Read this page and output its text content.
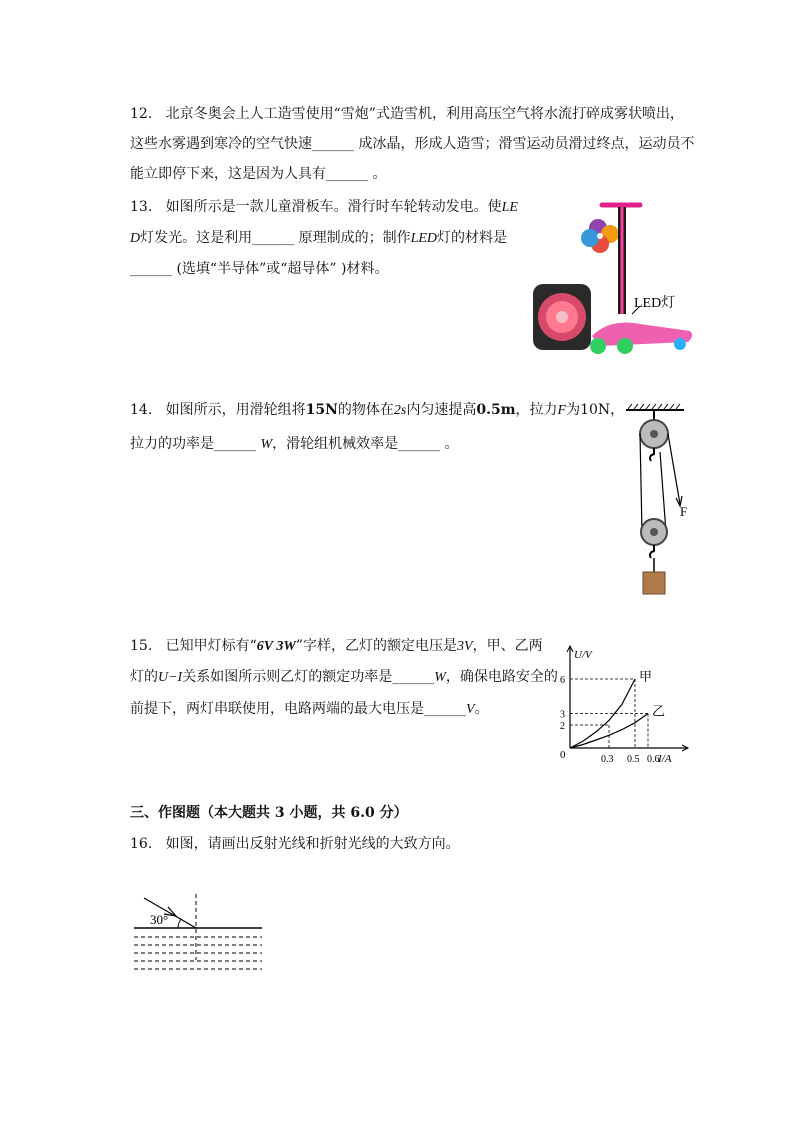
12. 北京冬奥会上人工造雪使用“雪炮”式造雪机，利用高压空气将水流打碎成雾状喷出，
这些水雾遇到寒冷的空气快速______ 成冰晶，形成人造雪；滑雪运动员滑过终点，运动员不
能立即停下来，这是因为人具有______ 。
13. 如图所示是一款儿童滑板车。滑行时车轮转动发电。使LE
D灯发光。这是利用______ 原理制成的；制作LED灯的材料是
______ (选填“半导体”或“超导体” )材料。
LED灯
14. 如图所示，用滑轮组将15N的物体在2s内匀速提高0.5m，拉力F为10N，
拉力的功率是______ W，滑轮组机械效率是______ 。
F
15. 已知甲灯标有“6V 3W”字样，乙灯的额定电压是3V，甲、乙两
灯的U−I关系如图所示则乙灯的额定功率是______W，确保电路安全的
前提下，两灯串联使用，电路两端的最大电压是______V。
甲
乙
0.3 0.5 0.6
2
3
6
U/V
I/A
0
三、作图题（本大题共 3 小题，共 6.0 分）
16. 如图，请画出反射光线和折射光线的大致方向。
30°
